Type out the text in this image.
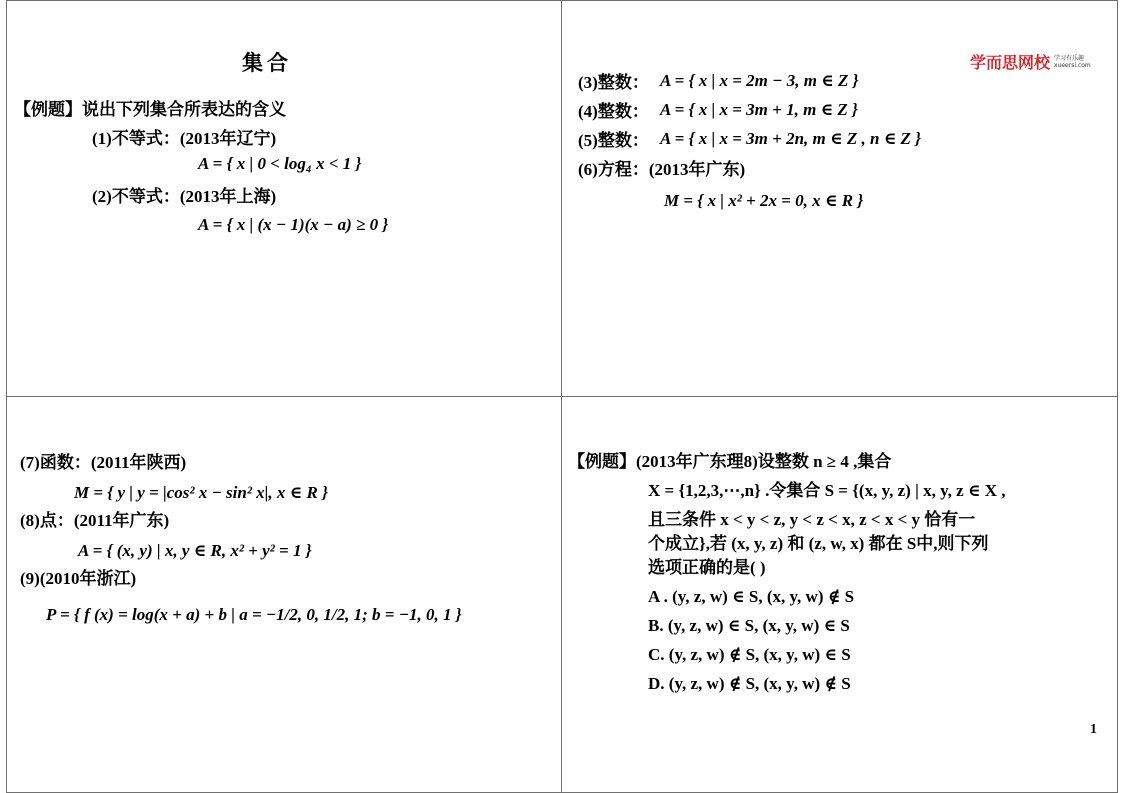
集合
【例题】说出下列集合所表达的含义
(1)不等式：(2013年辽宁)
A = { x | 0 < log₄ x < 1 }
(2)不等式：(2013年上海)
A = { x | (x − 1)(x − a) ≥ 0 }
学而思网校 学习有乐趣
xueersi.com
(3)整数： A = { x | x = 2m − 3, m ∈ Z }
(4)整数： A = { x | x = 3m + 1, m ∈ Z }
(5)整数： A = { x | x = 3m + 2n, m ∈ Z , n ∈ Z }
(6)方程：(2013年广东)
M = { x | x² + 2x = 0, x ∈ R }
(7)函数：(2011年陕西)
M = { y | y = |cos² x − sin² x|, x ∈ R }
(8)点：(2011年广东)
A = { (x, y) | x, y ∈ R, x² + y² = 1 }
(9)(2010年浙江)
P = { f (x) = log(x + a) + b | a = −1/2, 0, 1/2, 1; b = −1, 0, 1 }
【例题】(2013年广东理8)设整数 n ≥ 4 ,集合
X = {1,2,3,⋯,n} .令集合 S = {(x, y, z) | x, y, z ∈ X ,
且三条件 x < y < z, y < z < x, z < x < y 恰有一
个成立},若 (x, y, z) 和 (z, w, x) 都在 S中,则下列
选项正确的是( )
A . (y, z, w) ∈ S, (x, y, w) ∉ S
B. (y, z, w) ∈ S, (x, y, w) ∈ S
C. (y, z, w) ∉ S, (x, y, w) ∈ S
D. (y, z, w) ∉ S, (x, y, w) ∉ S
1
